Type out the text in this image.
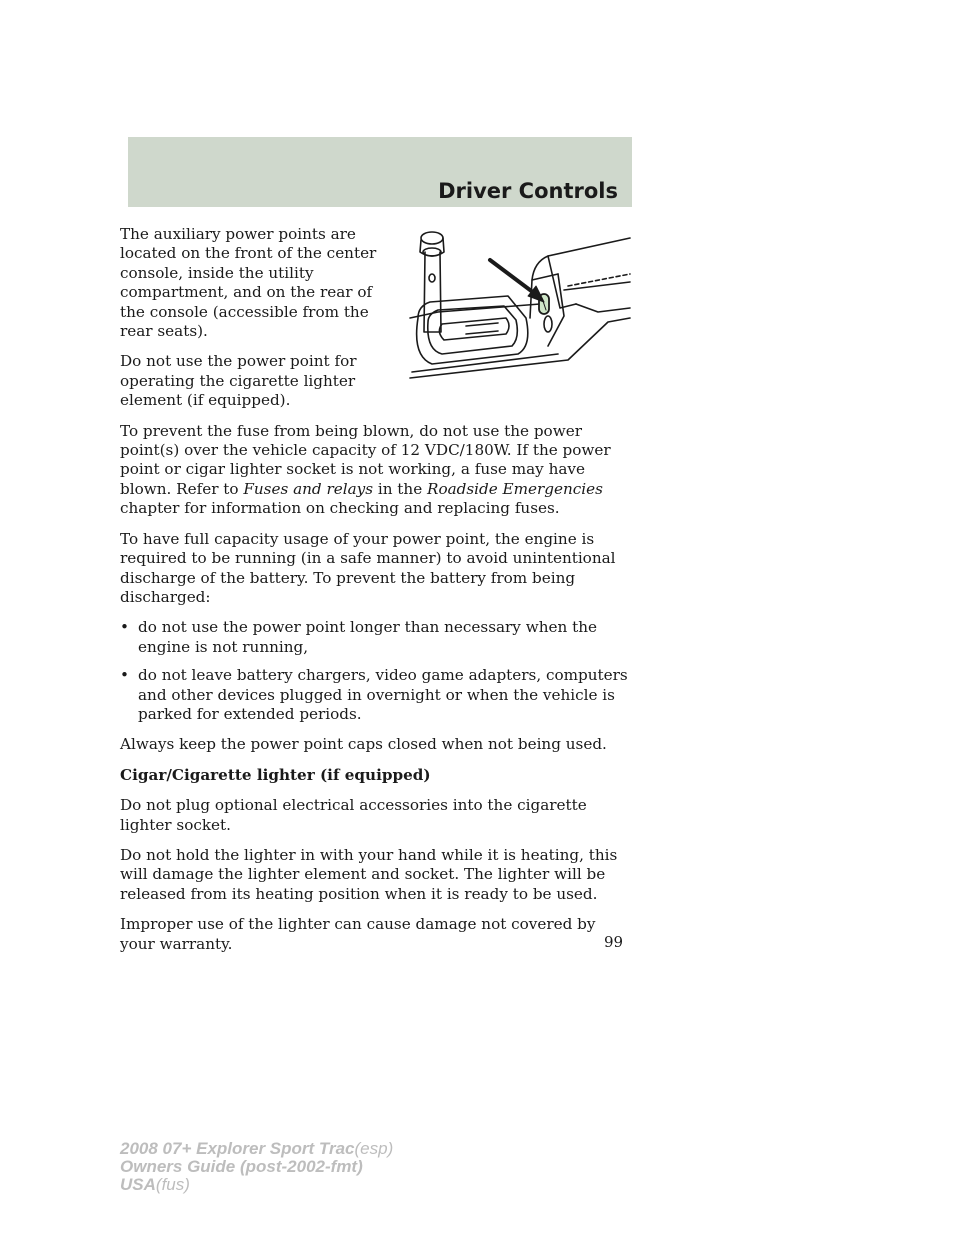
Driver Controls

The auxiliary power points are located on the front of the center console, inside the utility compartment, and on the rear of the console (accessible from the rear seats).

Do not use the power point for operating the cigarette lighter element (if equipped).

To prevent the fuse from being blown, do not use the power point(s) over the vehicle capacity of 12 VDC/180W. If the power point or cigar lighter socket is not working, a fuse may have blown. Refer to Fuses and relays in the Roadside Emergencies chapter for information on checking and replacing fuses.

To have full capacity usage of your power point, the engine is required to be running (in a safe manner) to avoid unintentional discharge of the battery. To prevent the battery from being discharged:

• do not use the power point longer than necessary when the engine is not running,
• do not leave battery chargers, video game adapters, computers and other devices plugged in overnight or when the vehicle is parked for extended periods.

Always keep the power point caps closed when not being used.

Cigar/Cigarette lighter (if equipped)

Do not plug optional electrical accessories into the cigarette lighter socket.

Do not hold the lighter in with your hand while it is heating, this will damage the lighter element and socket. The lighter will be released from its heating position when it is ready to be used.

Improper use of the lighter can cause damage not covered by your warranty.	99
2008 07+ Explorer Sport Trac(esp)
Owners Guide (post-2002-fmt)
USA(fus)
